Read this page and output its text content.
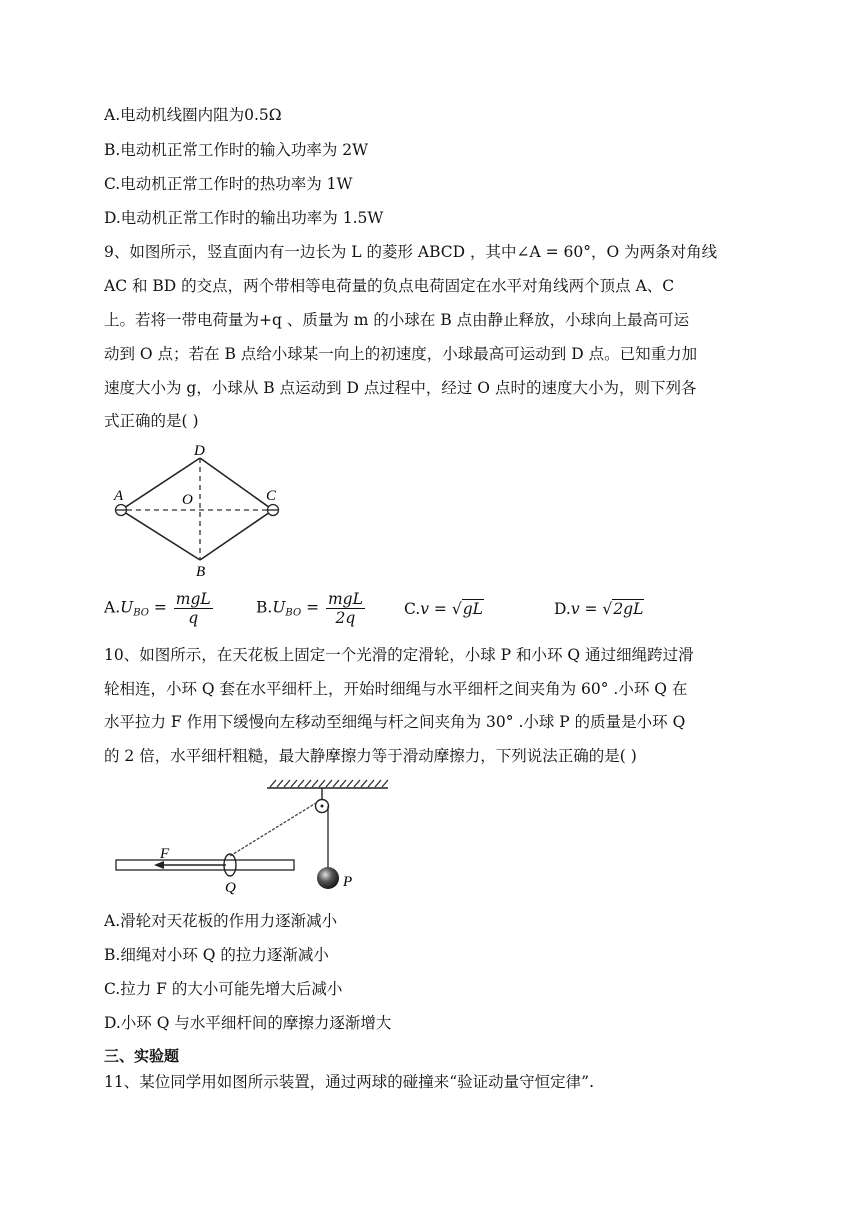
A.电动机线圈内阻为0.5Ω
B.电动机正常工作时的输入功率为 2W
C.电动机正常工作时的热功率为 1W
D.电动机正常工作时的输出功率为 1.5W
9、如图所示，竖直面内有一边长为 L 的菱形 ABCD ，其中∠A = 60°，O 为两条对角线
AC 和 BD 的交点，两个带相等电荷量的负点电荷固定在水平对角线两个顶点 A、C
上。若将一带电荷量为+q 、质量为 m 的小球在 B 点由静止释放，小球向上最高可运
动到 O 点；若在 B 点给小球某一向上的初速度，小球最高可运动到 D 点。已知重力加
速度大小为 g，小球从 B 点运动到 D 点过程中，经过 O 点时的速度大小为，则下列各
式正确的是( )
A	C
D
B
O
$A.U_{BO} = \frac{\text{mgL}}{q}$	$B.U_{BO} = \frac{\text{mgL}}{2q}$	C.v = √gL	D.v = √2gL
10、如图所示，在天花板上固定一个光滑的定滑轮，小球 P 和小环 Q 通过细绳跨过滑
轮相连，小环 Q 套在水平细杆上，开始时细绳与水平细杆之间夹角为 60° .小环 Q 在
水平拉力 F 作用下缓慢向左移动至细绳与杆之间夹角为 30° .小球 P 的质量是小环 Q
的 2 倍，水平细杆粗糙，最大静摩擦力等于滑动摩擦力，下列说法正确的是( )
F
Q	P
A.滑轮对天花板的作用力逐渐减小
B.细绳对小环 Q 的拉力逐渐减小
C.拉力 F 的大小可能先增大后减小
D.小环 Q 与水平细杆间的摩擦力逐渐增大
三、实验题
11、某位同学用如图所示装置，通过两球的碰撞来“验证动量守恒定律”.
